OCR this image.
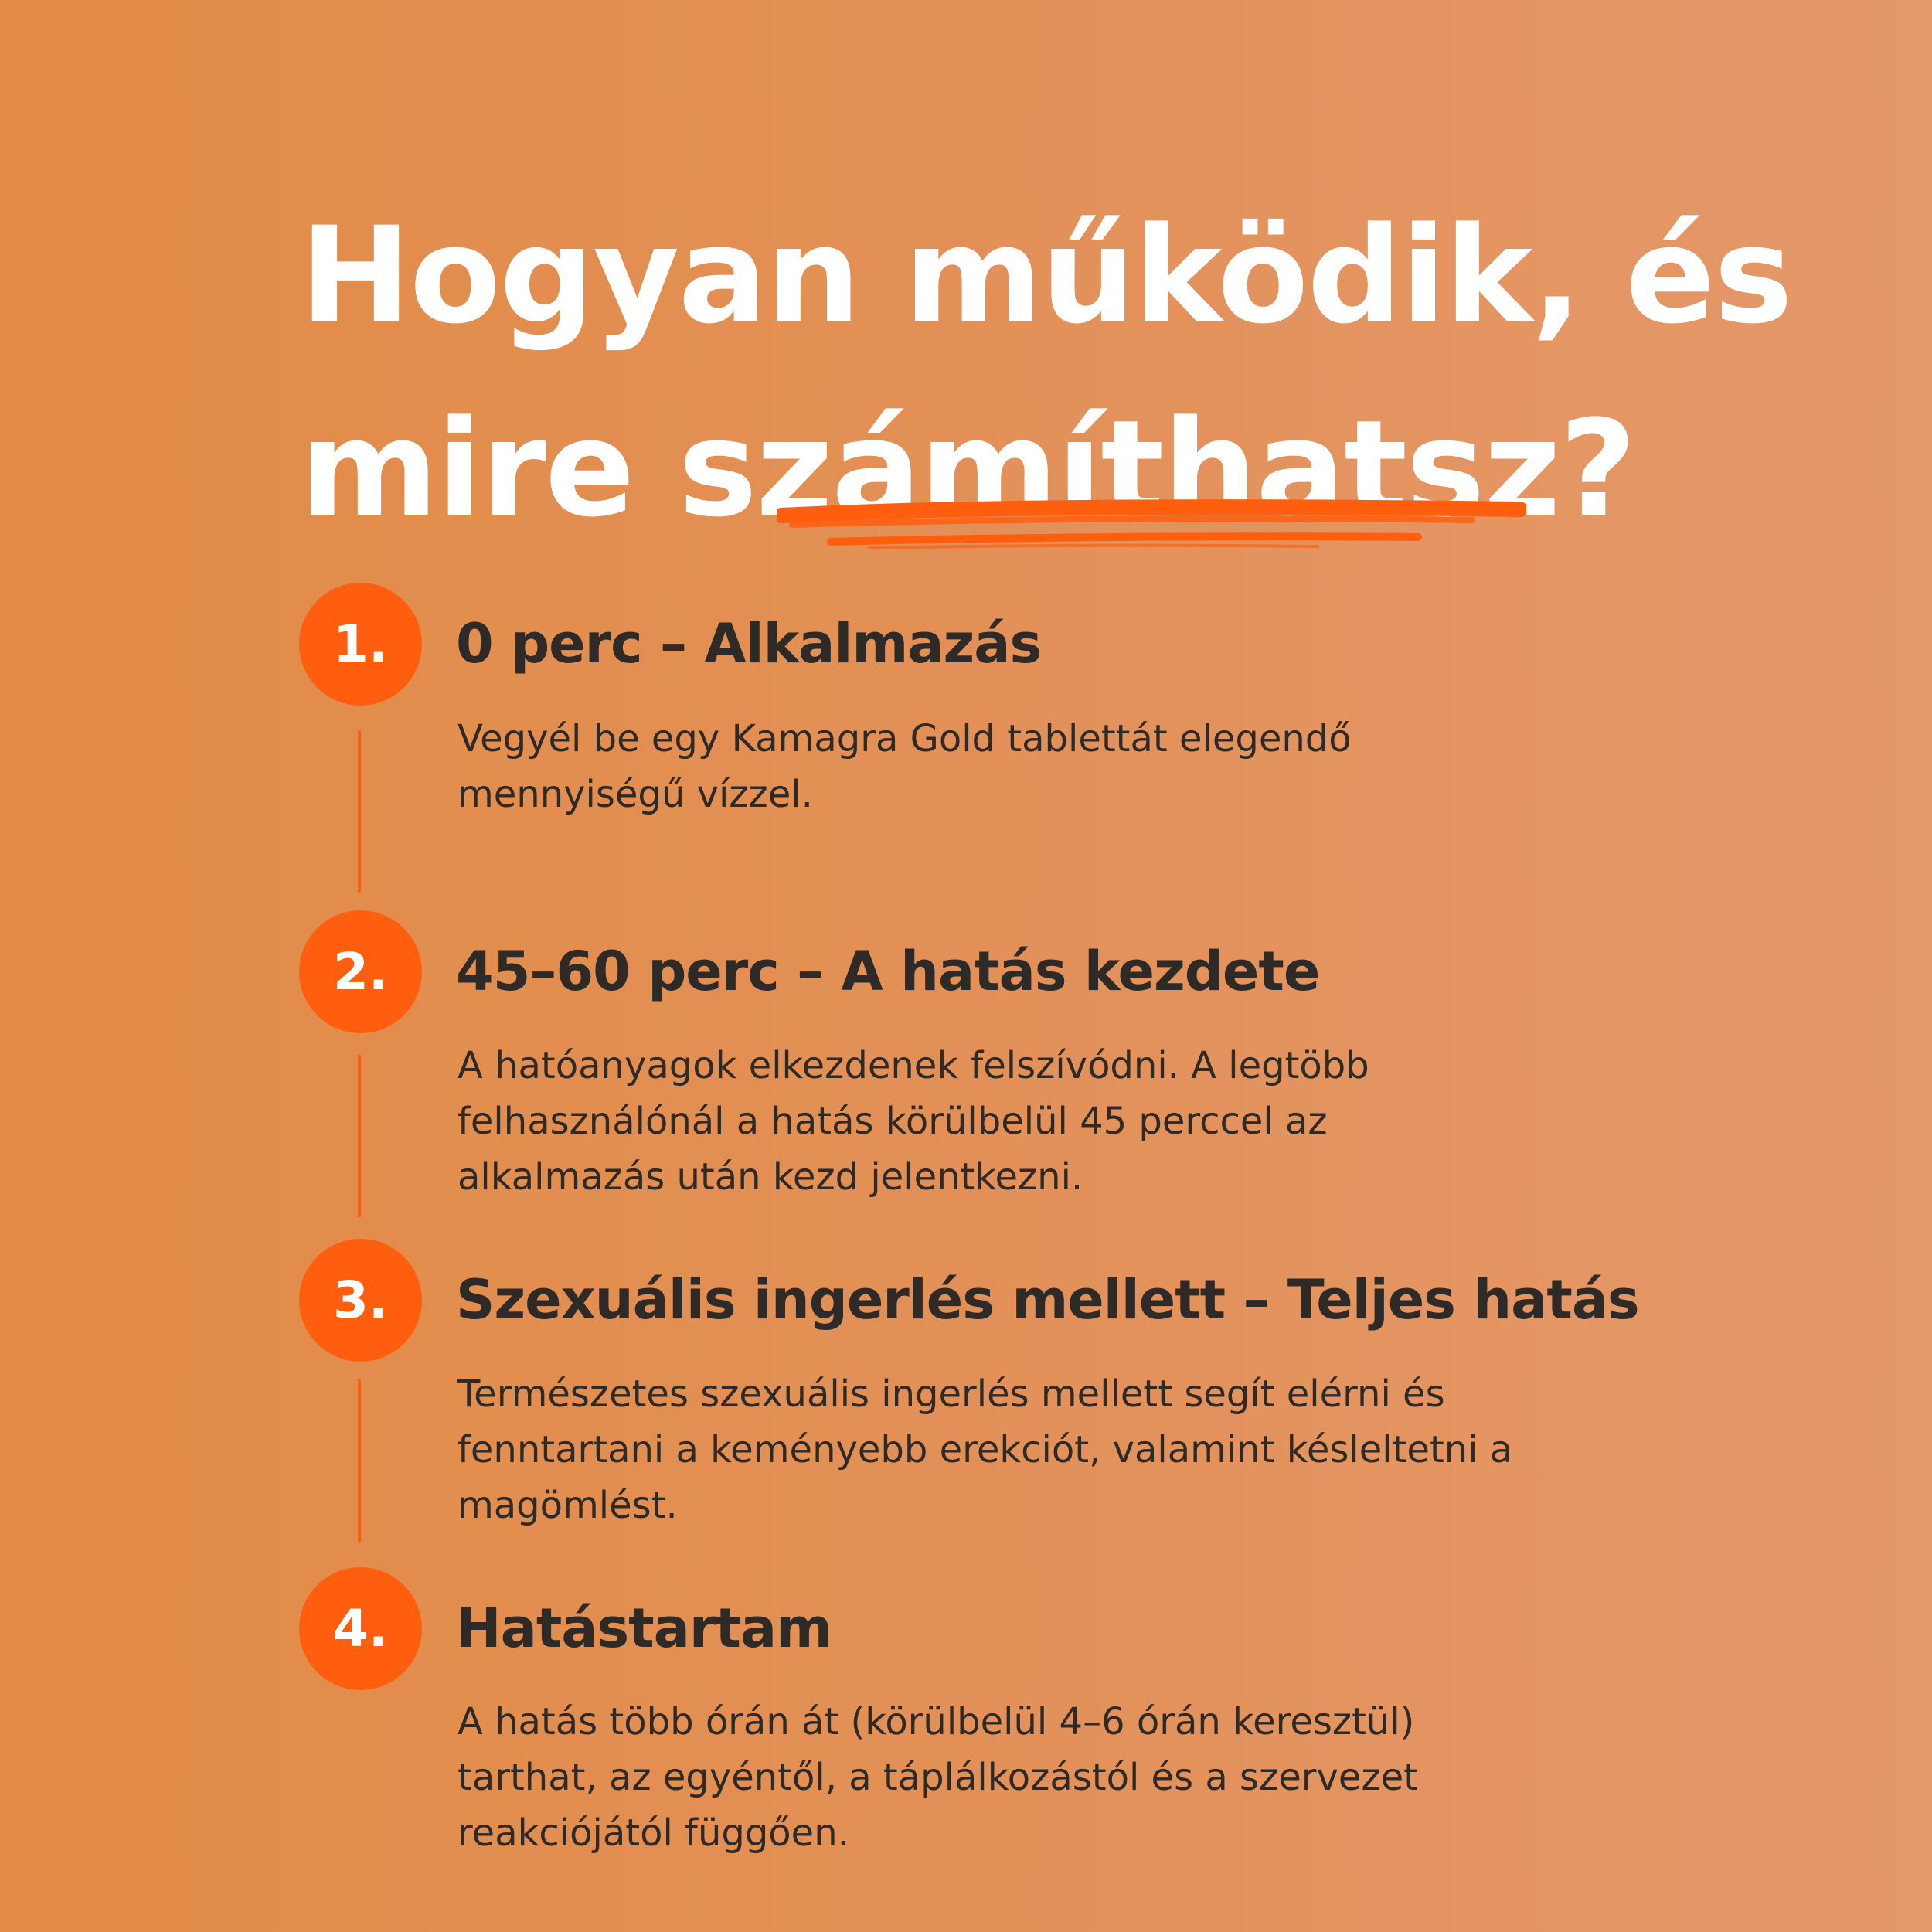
Hogyan működik, és
mire számíthatsz?
1.	0 perc – Alkalmazás

Vegyél be egy Kamagra Gold tablettát elegendő
mennyiségű vízzel.

2.	45–60 perc – A hatás kezdete

A hatóanyagok elkezdenek felszívódni. A legtöbb
felhasználónál a hatás körülbelül 45 perccel az
alkalmazás után kezd jelentkezni.

3.	Szexuális ingerlés mellett – Teljes hatás

Természetes szexuális ingerlés mellett segít elérni és
fenntartani a keményebb erekciót, valamint késleltetni a
magömlést.

4.	Hatástartam

A hatás több órán át (körülbelül 4–6 órán keresztül)
tarthat, az egyéntől, a táplálkozástól és a szervezet
reakciójától függően.
